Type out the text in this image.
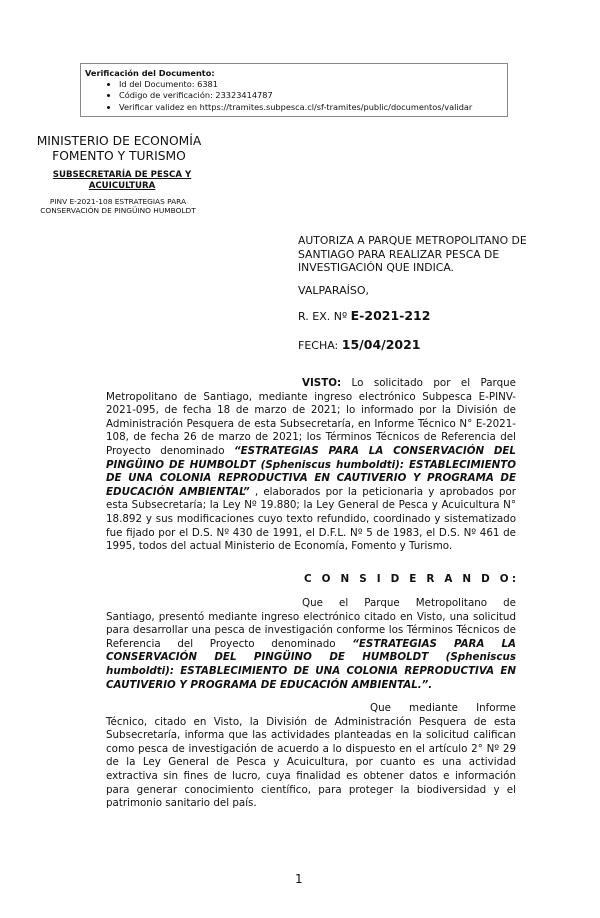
Verificación del Documento:
• Id del Documento: 6381
• Código de verificación: 23323414787
• Verificar validez en https://tramites.subpesca.cl/sf-tramites/public/documentos/validar
MINISTERIO DE ECONOMÍA
FOMENTO Y TURISMO
SUBSECRETARÍA DE PESCA Y ACUICULTURA
PINV E-2021-108 ESTRATEGIAS PARA CONSERVACIÓN DE PINGÜINO HUMBOLDT
AUTORIZA A PARQUE METROPOLITANO DE SANTIAGO PARA REALIZAR PESCA DE INVESTIGACIÓN QUE INDICA.
VALPARAÍSO,
R. EX. Nº E-2021-212
FECHA: 15/04/2021
VISTO: Lo solicitado por el Parque Metropolitano de Santiago, mediante ingreso electrónico Subpesca E-PINV-2021-095, de fecha 18 de marzo de 2021; lo informado por la División de Administración Pesquera de esta Subsecretaría, en Informe Técnico N° E-2021-108, de fecha 26 de marzo de 2021; los Términos Técnicos de Referencia del Proyecto denominado “ESTRATEGIAS PARA LA CONSERVACIÓN DEL PINGÜINO DE HUMBOLDT (Spheniscus humboldti): ESTABLECIMIENTO DE UNA COLONIA REPRODUCTIVA EN CAUTIVERIO Y PROGRAMA DE EDUCACIÓN AMBIENTAL” , elaborados por la peticionaria y aprobados por esta Subsecretaría; la Ley Nº 19.880; la Ley General de Pesca y Acuicultura N° 18.892 y sus modificaciones cuyo texto refundido, coordinado y sistematizado fue fijado por el D.S. Nº 430 de 1991, el D.F.L. Nº 5 de 1983, el D.S. Nº 461 de 1995, todos del actual Ministerio de Economía, Fomento y Turismo.
C O N S I D E R A N D O:
Que el Parque Metropolitano de Santiago, presentó mediante ingreso electrónico citado en Visto, una solicitud para desarrollar una pesca de investigación conforme los Términos Técnicos de Referencia del Proyecto denominado “ESTRATEGIAS PARA LA CONSERVACIÓN DEL PINGÜINO DE HUMBOLDT (Spheniscus humboldti): ESTABLECIMIENTO DE UNA COLONIA REPRODUCTIVA EN CAUTIVERIO Y PROGRAMA DE EDUCACIÓN AMBIENTAL.”.
Que mediante Informe Técnico, citado en Visto, la División de Administración Pesquera de esta Subsecretaría, informa que las actividades planteadas en la solicitud califican como pesca de investigación de acuerdo a lo dispuesto en el artículo 2° Nº 29 de la Ley General de Pesca y Acuicultura, por cuanto es una actividad extractiva sin fines de lucro, cuya finalidad es obtener datos e información para generar conocimiento científico, para proteger la biodiversidad y el patrimonio sanitario del país.
1
